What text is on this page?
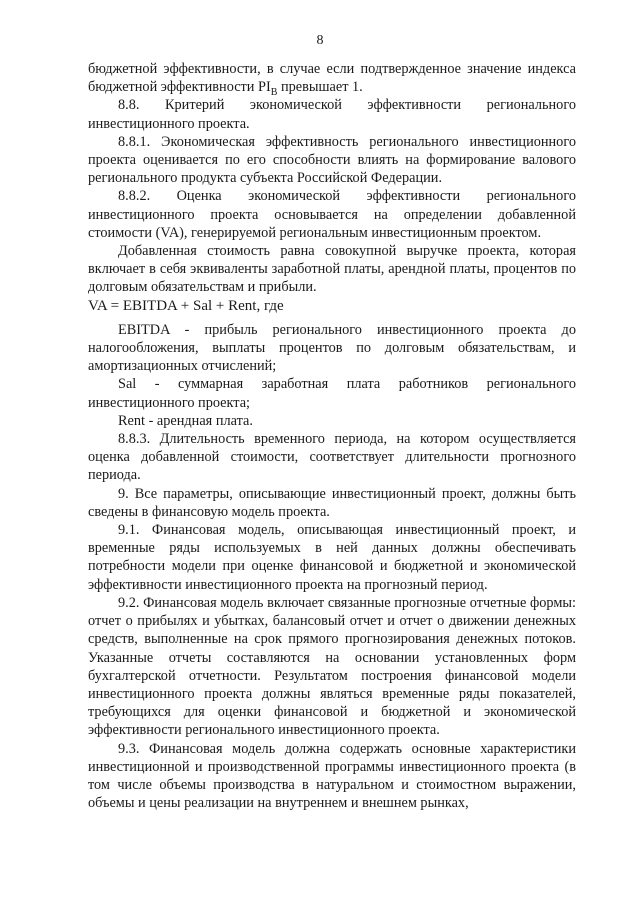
8

бюджетной эффективности, в случае если подтвержденное значение индекса бюджетной эффективности $PI_B$ превышает 1.

8.8. Критерий экономической эффективности регионального инвестиционного проекта.

8.8.1. Экономическая эффективность регионального инвестиционного проекта оценивается по его способности влиять на формирование валового регионального продукта субъекта Российской Федерации.

8.8.2. Оценка экономической эффективности регионального инвестиционного проекта основывается на определении добавленной стоимости (VA), генерируемой региональным инвестиционным проектом.

Добавленная стоимость равна совокупной выручке проекта, которая включает в себя эквиваленты заработной платы, арендной платы, процентов по долговым обязательствам и прибыли.

VA = EBITDA + Sal + Rent, где

EBITDA - прибыль регионального инвестиционного проекта до налогообложения, выплаты процентов по долговым обязательствам, и амортизационных отчислений;

Sal - суммарная заработная плата работников регионального инвестиционного проекта;

Rent - арендная плата.

8.8.3. Длительность временного периода, на котором осуществляется оценка добавленной стоимости, соответствует длительности прогнозного периода.

9. Все параметры, описывающие инвестиционный проект, должны быть сведены в финансовую модель проекта.

9.1. Финансовая модель, описывающая инвестиционный проект, и временные ряды используемых в ней данных должны обеспечивать потребности модели при оценке финансовой и бюджетной и экономической эффективности инвестиционного проекта на прогнозный период.

9.2. Финансовая модель включает связанные прогнозные отчетные формы: отчет о прибылях и убытках, балансовый отчет и отчет о движении денежных средств, выполненные на срок прямого прогнозирования денежных потоков. Указанные отчеты составляются на основании установленных форм бухгалтерской отчетности. Результатом построения финансовой модели инвестиционного проекта должны являться временные ряды показателей, требующихся для оценки финансовой и бюджетной и экономической эффективности регионального инвестиционного проекта.

9.3. Финансовая модель должна содержать основные характеристики инвестиционной и производственной программы инвестиционного проекта (в том числе объемы производства в натуральном и стоимостном выражении, объемы и цены реализации на внутреннем и внешнем рынках,
